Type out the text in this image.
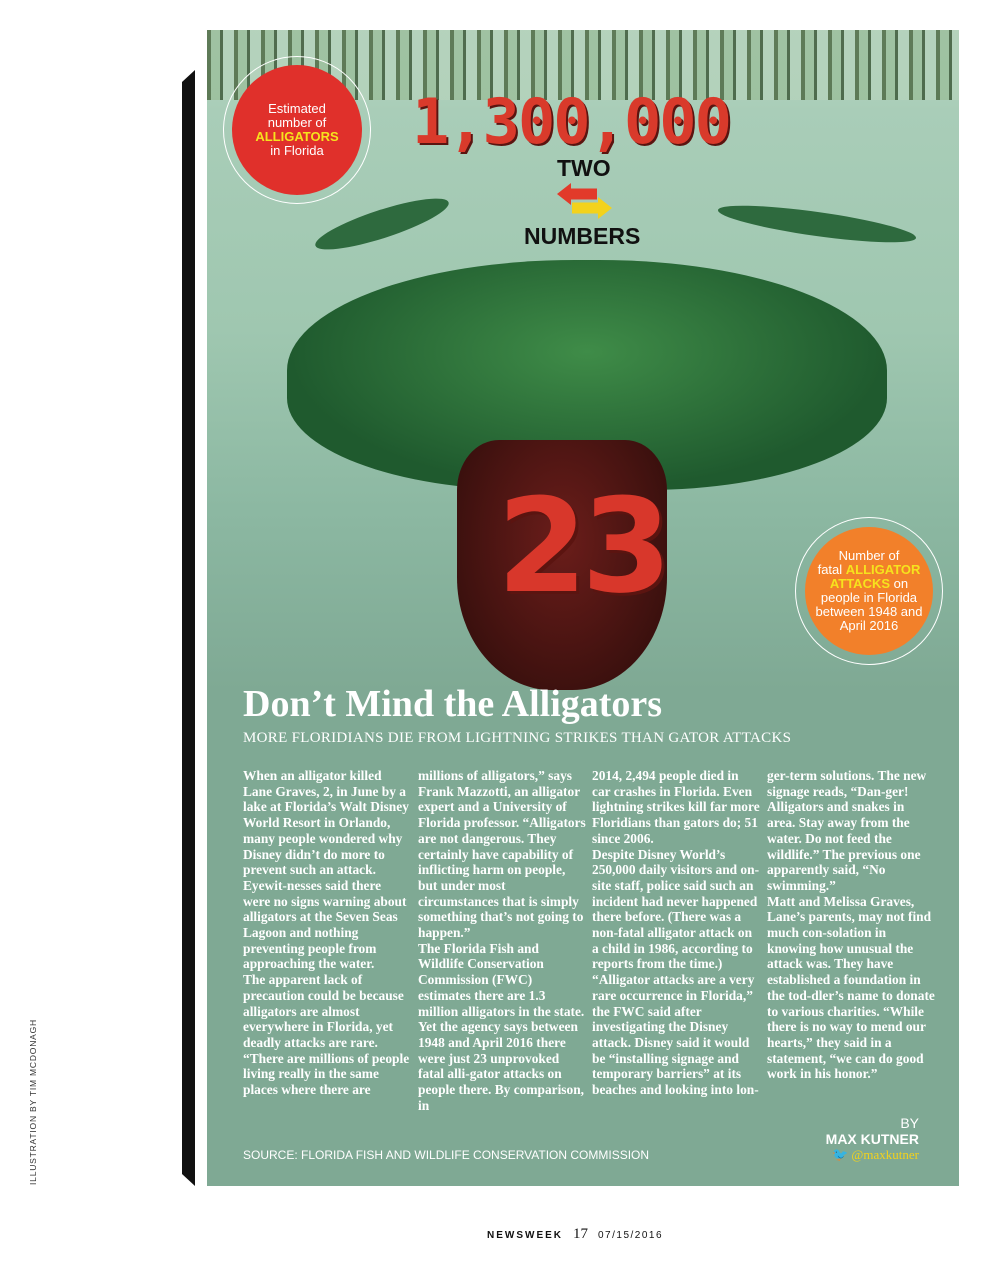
1,300,000
TWO
NUMBERS
23
Estimated
number of
ALLIGATORS
in Florida
Number of
fatal ALLIGATOR
ATTACKS on
people in Florida
between 1948 and
April 2016
Don’t Mind the Alligators
MORE FLORIDIANS DIE FROM LIGHTNING STRIKES THAN GATOR ATTACKS
When an alligator killed Lane Graves, 2, in June by a lake at Florida’s Walt Disney World Resort in Orlando, many people wondered why Disney didn’t do more to prevent such an attack. Eyewit-nesses said there were no signs warning about alligators at the Seven Seas Lagoon and nothing preventing people from approaching the water.
The apparent lack of precaution could be because alligators are almost everywhere in Florida, yet deadly attacks are rare. “There are millions of people living really in the same places where there are
millions of alligators,” says Frank Mazzotti, an alligator expert and a University of Florida professor. “Alligators are not dangerous. They certainly have capability of inflicting harm on people, but under most circumstances that is simply something that’s not going to happen.”
The Florida Fish and Wildlife Conservation Commission (FWC) estimates there are 1.3 million alligators in the state. Yet the agency says between 1948 and April 2016 there were just 23 unprovoked fatal alli-gator attacks on people there. By comparison, in
2014, 2,494 people died in car crashes in Florida. Even lightning strikes kill far more Floridians than gators do; 51 since 2006.
Despite Disney World’s 250,000 daily visitors and on-site staff, police said such an incident had never happened there before. (There was a non-fatal alligator attack on a child in 1986, according to reports from the time.) “Alligator attacks are a very rare occurrence in Florida,” the FWC said after investigating the Disney attack. Disney said it would be “installing signage and temporary barriers” at its beaches and looking into lon-
ger-term solutions. The new signage reads, “Dan-ger! Alligators and snakes in area. Stay away from the water. Do not feed the wildlife.” The previous one apparently said, “No swimming.”
Matt and Melissa Graves, Lane’s parents, may not find much con-solation in knowing how unusual the attack was. They have established a foundation in the tod-dler’s name to donate to various charities. “While there is no way to mend our hearts,” they said in a statement, “we can do good work in his honor.”
SOURCE: FLORIDA FISH AND WILDLIFE CONSERVATION COMMISSION
BY
MAX KUTNER
🐦 @maxkutner
ILLUSTRATION BY TIM MCDONAGH
NEWSWEEK 17 07/15/2016
